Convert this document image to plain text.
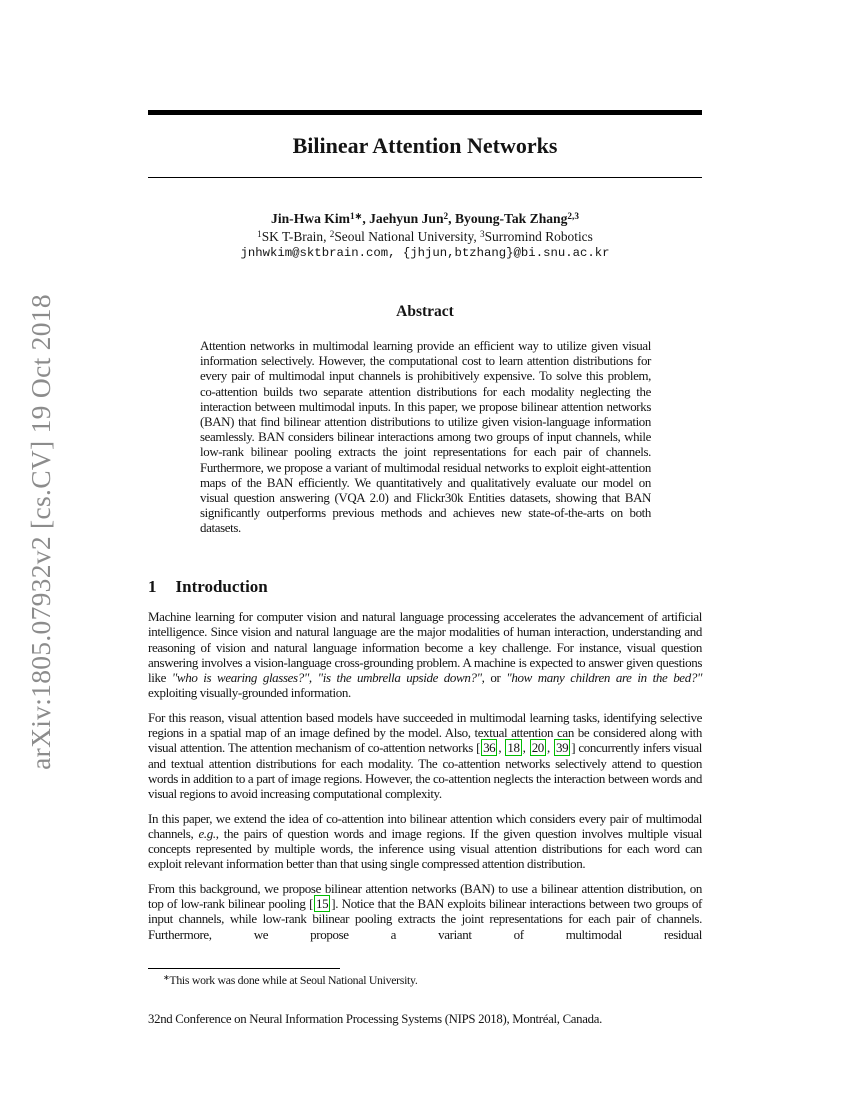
arXiv:1805.07932v2 [cs.CV] 19 Oct 2018
Bilinear Attention Networks
Jin-Hwa Kim$^{1∗}$, Jaehyun Jun$^2$, Byoung-Tak Zhang$^{2,3}$
$^1$SK T-Brain, $^2$Seoul National University, $^3$Surromind Robotics
jnhwkim@sktbrain.com, {jhjun,btzhang}@bi.snu.ac.kr
Abstract

Attention networks in multimodal learning provide an efficient way to utilize given visual information selectively. However, the computational cost to learn attention distributions for every pair of multimodal input channels is prohibitively expensive. To solve this problem, co-attention builds two separate attention distributions for each modality neglecting the interaction between multimodal inputs. In this paper, we propose bilinear attention networks (BAN) that find bilinear attention distributions to utilize given vision-language information seamlessly. BAN considers bilinear interactions among two groups of input channels, while low-rank bilinear pooling extracts the joint representations for each pair of channels. Furthermore, we propose a variant of multimodal residual networks to exploit eight-attention maps of the BAN efficiently. We quantitatively and qualitatively evaluate our model on visual question answering (VQA 2.0) and Flickr30k Entities datasets, showing that BAN significantly outperforms previous methods and achieves new state-of-the-arts on both datasets.

1 Introduction

Machine learning for computer vision and natural language processing accelerates the advancement of artificial intelligence. Since vision and natural language are the major modalities of human interaction, understanding and reasoning of vision and natural language information become a key challenge. For instance, visual question answering involves a vision-language cross-grounding problem. A machine is expected to answer given questions like "who is wearing glasses?", "is the umbrella upside down?", or "how many children are in the bed?" exploiting visually-grounded information.

For this reason, visual attention based models have succeeded in multimodal learning tasks, identifying selective regions in a spatial map of an image defined by the model. Also, textual attention can be considered along with visual attention. The attention mechanism of co-attention networks [ 36 , 18 , 20 , 39 ] concurrently infers visual and textual attention distributions for each modality. The co-attention networks selectively attend to question words in addition to a part of image regions. However, the co-attention neglects the interaction between words and visual regions to avoid increasing computational complexity.

In this paper, we extend the idea of co-attention into bilinear attention which considers every pair of multimodal channels, e.g., the pairs of question words and image regions. If the given question involves multiple visual concepts represented by multiple words, the inference using visual attention distributions for each word can exploit relevant information better than that using single compressed attention distribution.

From this background, we propose bilinear attention networks (BAN) to use a bilinear attention distribution, on top of low-rank bilinear pooling [ 15 ]. Notice that the BAN exploits bilinear interactions between two groups of input channels, while low-rank bilinear pooling extracts the joint representations for each pair of channels. Furthermore, we propose a variant of multimodal residual

∗This work was done while at Seoul National University.
32nd Conference on Neural Information Processing Systems (NIPS 2018), Montréal, Canada.
